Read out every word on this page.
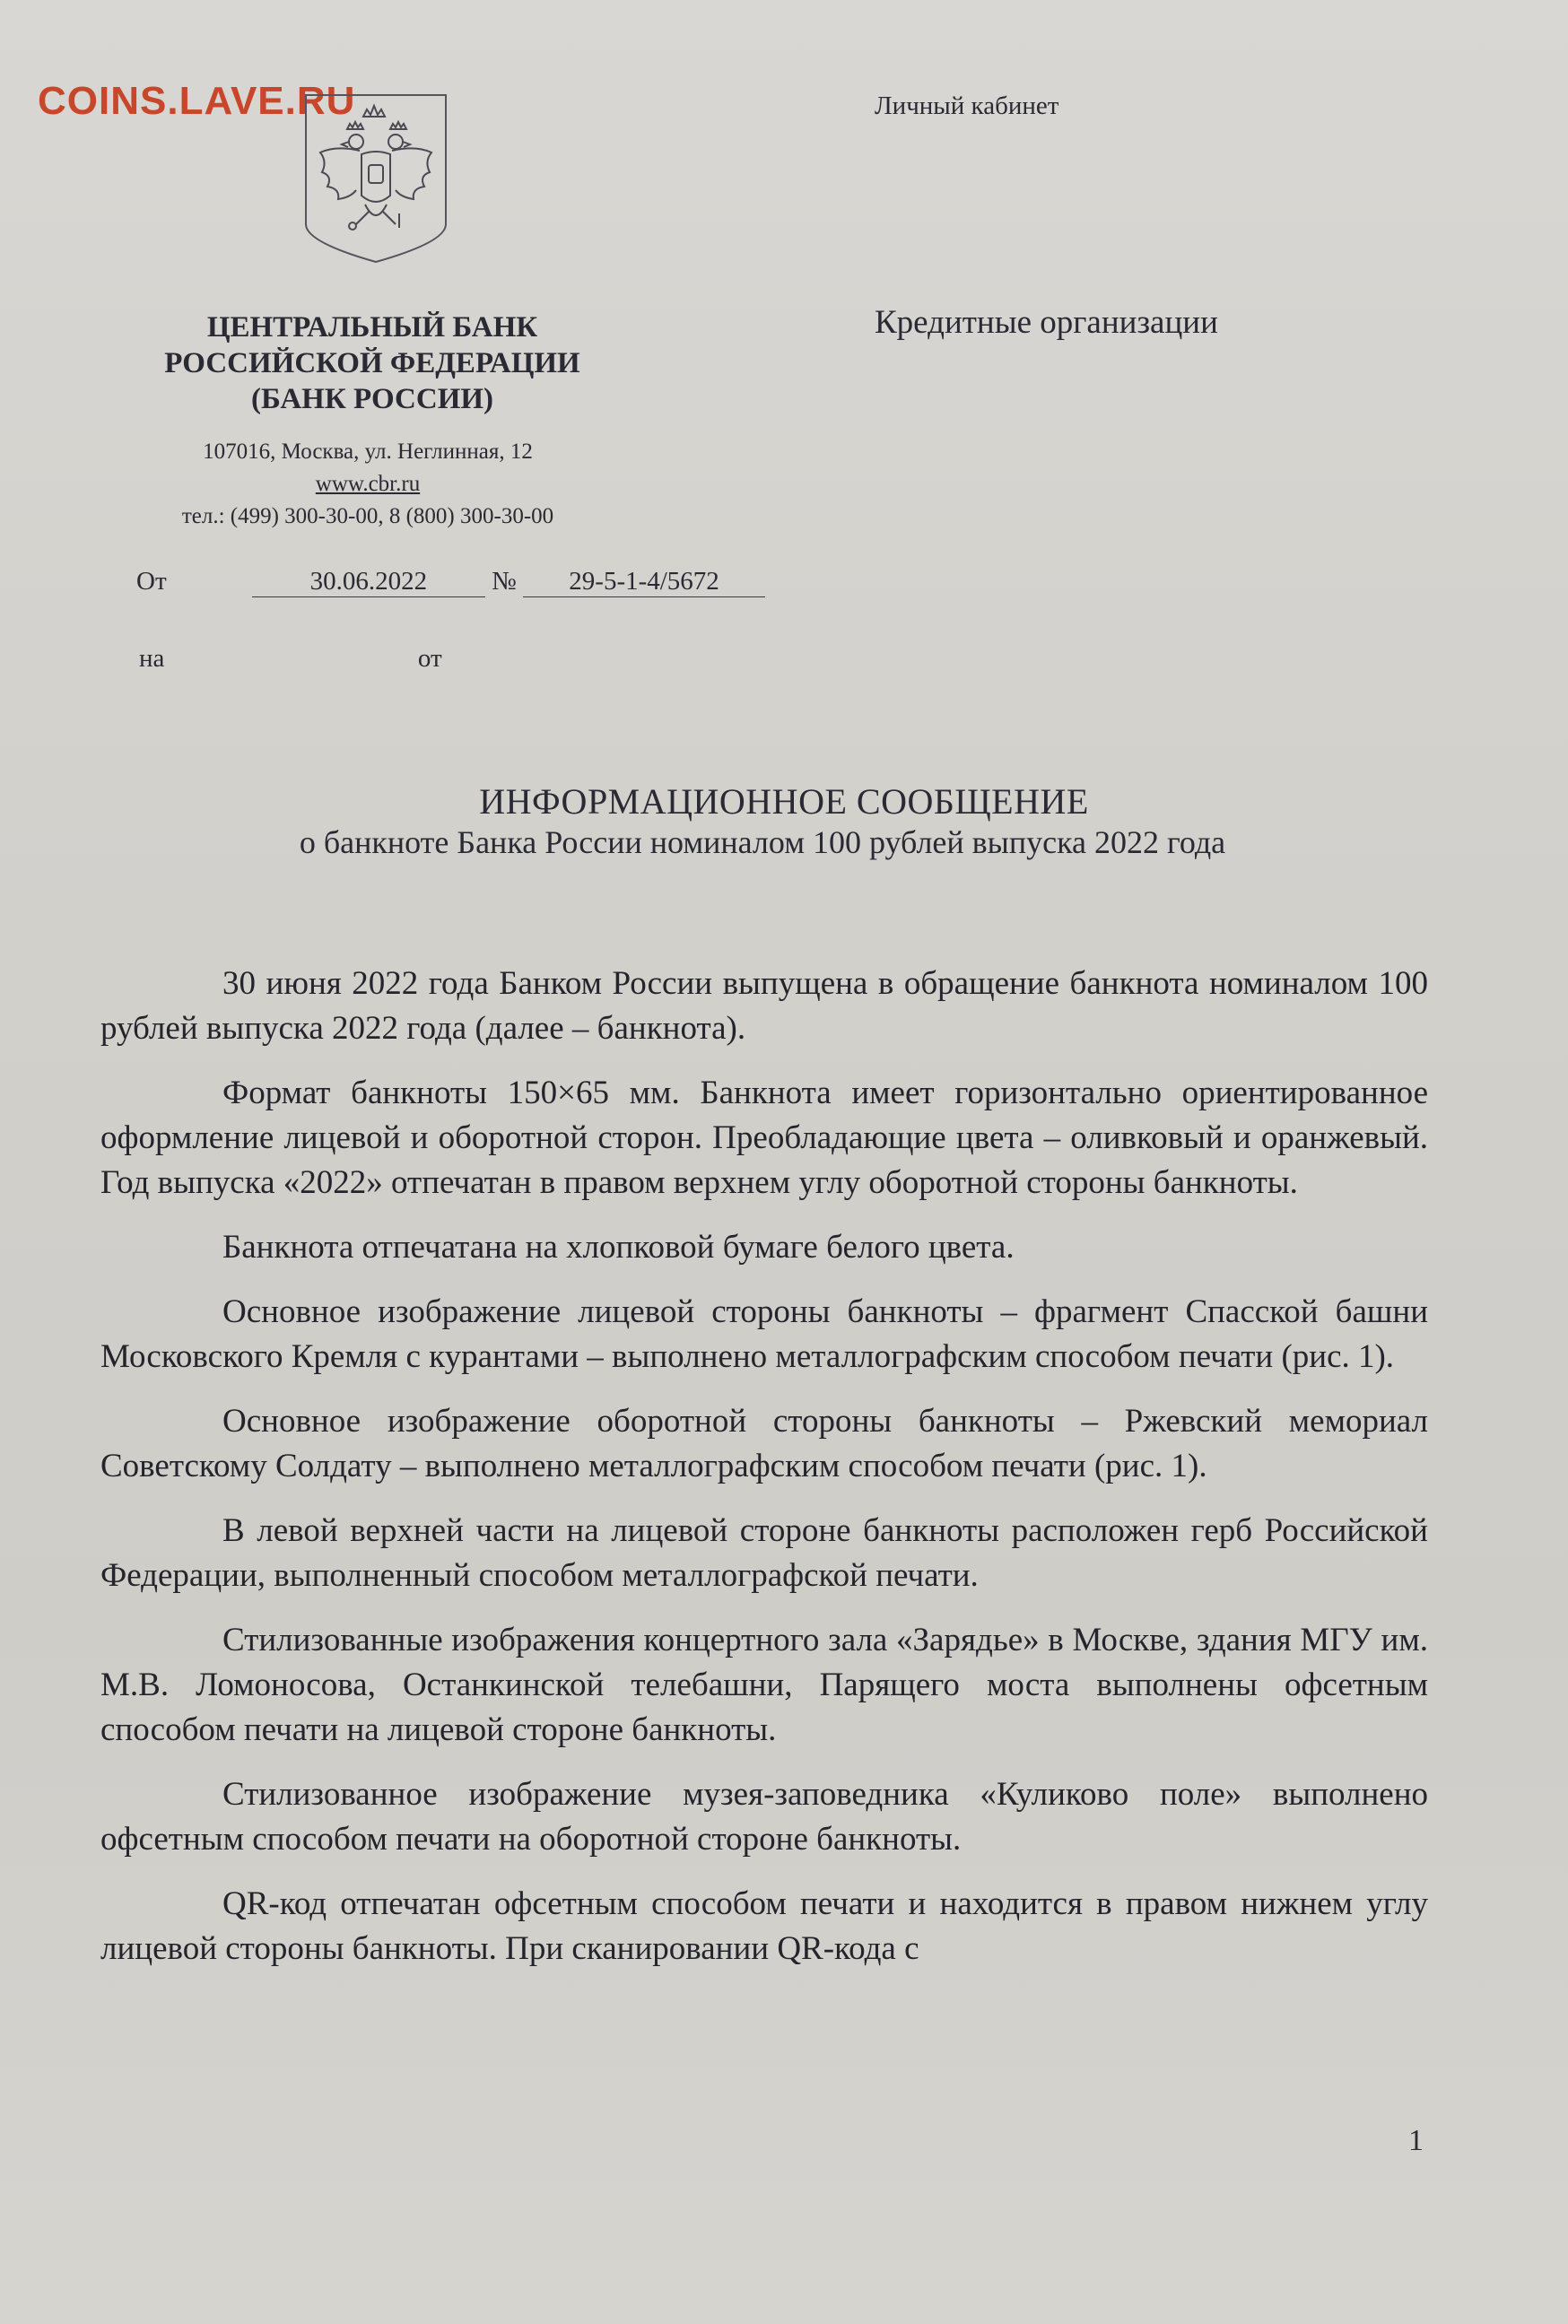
COINS.LAVE.RU
ЦЕНТРАЛЬНЫЙ БАНК
РОССИЙСКОЙ ФЕДЕРАЦИИ
(БАНК РОССИИ)
107016, Москва, ул. Неглинная, 12
www.cbr.ru
тел.: (499) 300-30-00, 8 (800) 300-30-00
Личный кабинет
Кредитные организации
От	30.06.2022 № 29-5-1-4/5672
на	от
ИНФОРМАЦИОННОЕ СООБЩЕНИЕ
о банкноте Банка России номиналом 100 рублей выпуска 2022 года

30 июня 2022 года Банком России выпущена в обращение банкнота номиналом 100 рублей выпуска 2022 года (далее – банкнота).

Формат банкноты 150×65 мм. Банкнота имеет горизонтально ориентированное оформление лицевой и оборотной сторон. Преобладающие цвета – оливковый и оранжевый. Год выпуска «2022» отпечатан в правом верхнем углу оборотной стороны банкноты.

Банкнота отпечатана на хлопковой бумаге белого цвета.

Основное изображение лицевой стороны банкноты – фрагмент Спасской башни Московского Кремля с курантами – выполнено металлографским способом печати (рис. 1).

Основное изображение оборотной стороны банкноты – Ржевский мемориал Советскому Солдату – выполнено металлографским способом печати (рис. 1).

В левой верхней части на лицевой стороне банкноты расположен герб Российской Федерации, выполненный способом металлографской печати.

Стилизованные изображения концертного зала «Зарядье» в Москве, здания МГУ им. М.В. Ломоносова, Останкинской телебашни, Парящего моста выполнены офсетным способом печати на лицевой стороне банкноты.

Стилизованное изображение музея-заповедника «Куликово поле» выполнено офсетным способом печати на оборотной стороне банкноты.

QR-код отпечатан офсетным способом печати и находится в правом нижнем углу лицевой стороны банкноты. При сканировании QR-кода с

1
